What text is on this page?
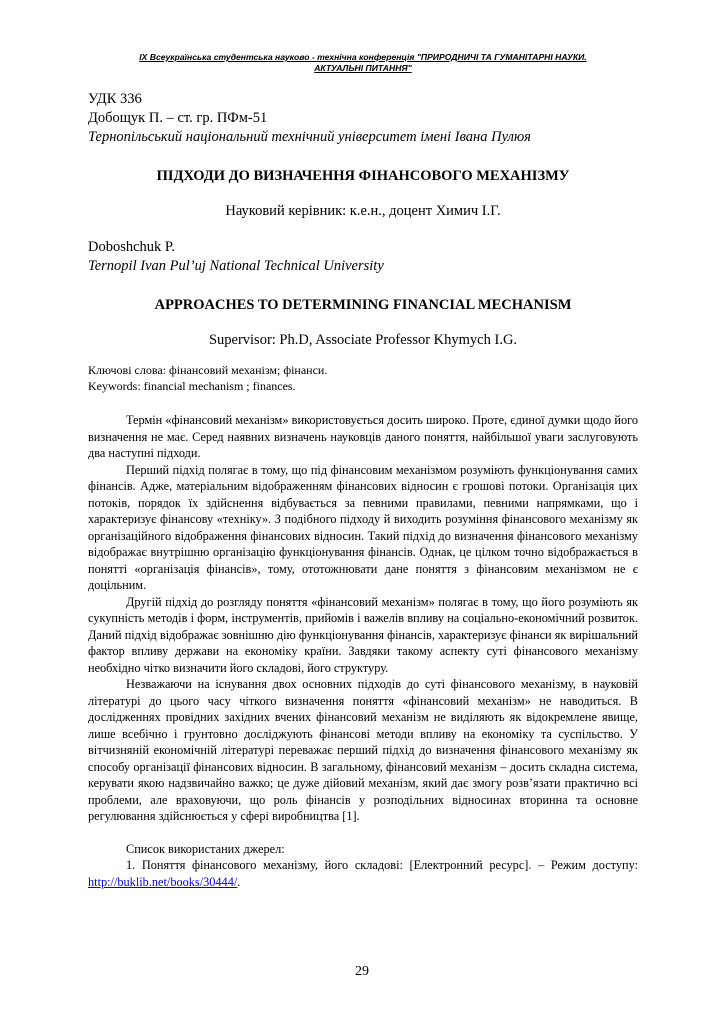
IX Всеукраїнська студентська науково - технічна конференція "ПРИРОДНИЧІ ТА ГУМАНІТАРНІ НАУКИ.
АКТУАЛЬНІ ПИТАННЯ"
УДК 336
Добощук П. – ст. гр. ПФм-51
Тернопільський національний технічний університет імені Івана Пулюя
ПІДХОДИ ДО ВИЗНАЧЕННЯ ФІНАНСОВОГО МЕХАНІЗМУ
Науковий керівник: к.е.н., доцент Химич І.Г.
Doboshchuk P.
Ternopil Ivan Pul’uj National Technical University
APPROACHES TO DETERMINING FINANCIAL MECHANISM
Supervisor: Ph.D, Associate Professor Khymych I.G.
Ключові слова: фінансовий механізм; фінанси.
Keywords: financial mechanism ; finances.

Термін «фінансовий механізм» використовується досить широко. Проте, єдиної думки щодо його визначення не має. Серед наявних визначень науковців даного поняття, найбільшої уваги заслуговують два наступні підходи.

Перший підхід полягає в тому, що під фінансовим механізмом розуміють функціонування самих фінансів. Адже, матеріальним відображенням фінансових відносин є грошові потоки. Організація цих потоків, порядок їх здійснення відбувається за певними правилами, певними напрямками, що і характеризує фінансову «техніку». З подібного підходу й виходить розуміння фінансового механізму як організаційного відображення фінансових відносин. Такий підхід до визначення фінансового механізму відображає внутрішню організацію функціонування фінансів. Однак, це цілком точно відображається в понятті «організація фінансів», тому, ототожнювати дане поняття з фінансовим механізмом не є доцільним.

Другій підхід до розгляду поняття «фінансовий механізм» полягає в тому, що його розуміють як сукупність методів і форм, інструментів, прийомів і важелів впливу на соціально-економічний розвиток. Даний підхід відображає зовнішню дію функціонування фінансів, характеризує фінанси як вирішальний фактор впливу держави на економіку країни. Завдяки такому аспекту суті фінансового механізму необхідно чітко визначити його складові, його структуру.

Незважаючи на існування двох основних підходів до суті фінансового механізму, в науковій літературі до цього часу чіткого визначення поняття «фінансовий механізм» не наводиться. В дослідженнях провідних західних вчених фінансовий механізм не виділяють як відокремлене явище, лише всебічно і грунтовно досліджують фінансові методи впливу на економіку та суспільство. У вітчизняній економічній літературі переважає перший підхід до визначення фінансового механізму як способу організації фінансових відносин. В загальному, фінансовий механізм – досить складна система, керувати якою надзвичайно важко; це дуже дійовий механізм, який дає змогу розв’язати практично всі проблеми, але враховуючи, що роль фінансів у розподільних відносинах вторинна та основне регулювання здійснюється у сфері виробництва [1].

Список використаних джерел:

1. Поняття фінансового механізму, його складові: [Електронний ресурс]. – Режим доступу: http://buklib.net/books/30444/.

29
